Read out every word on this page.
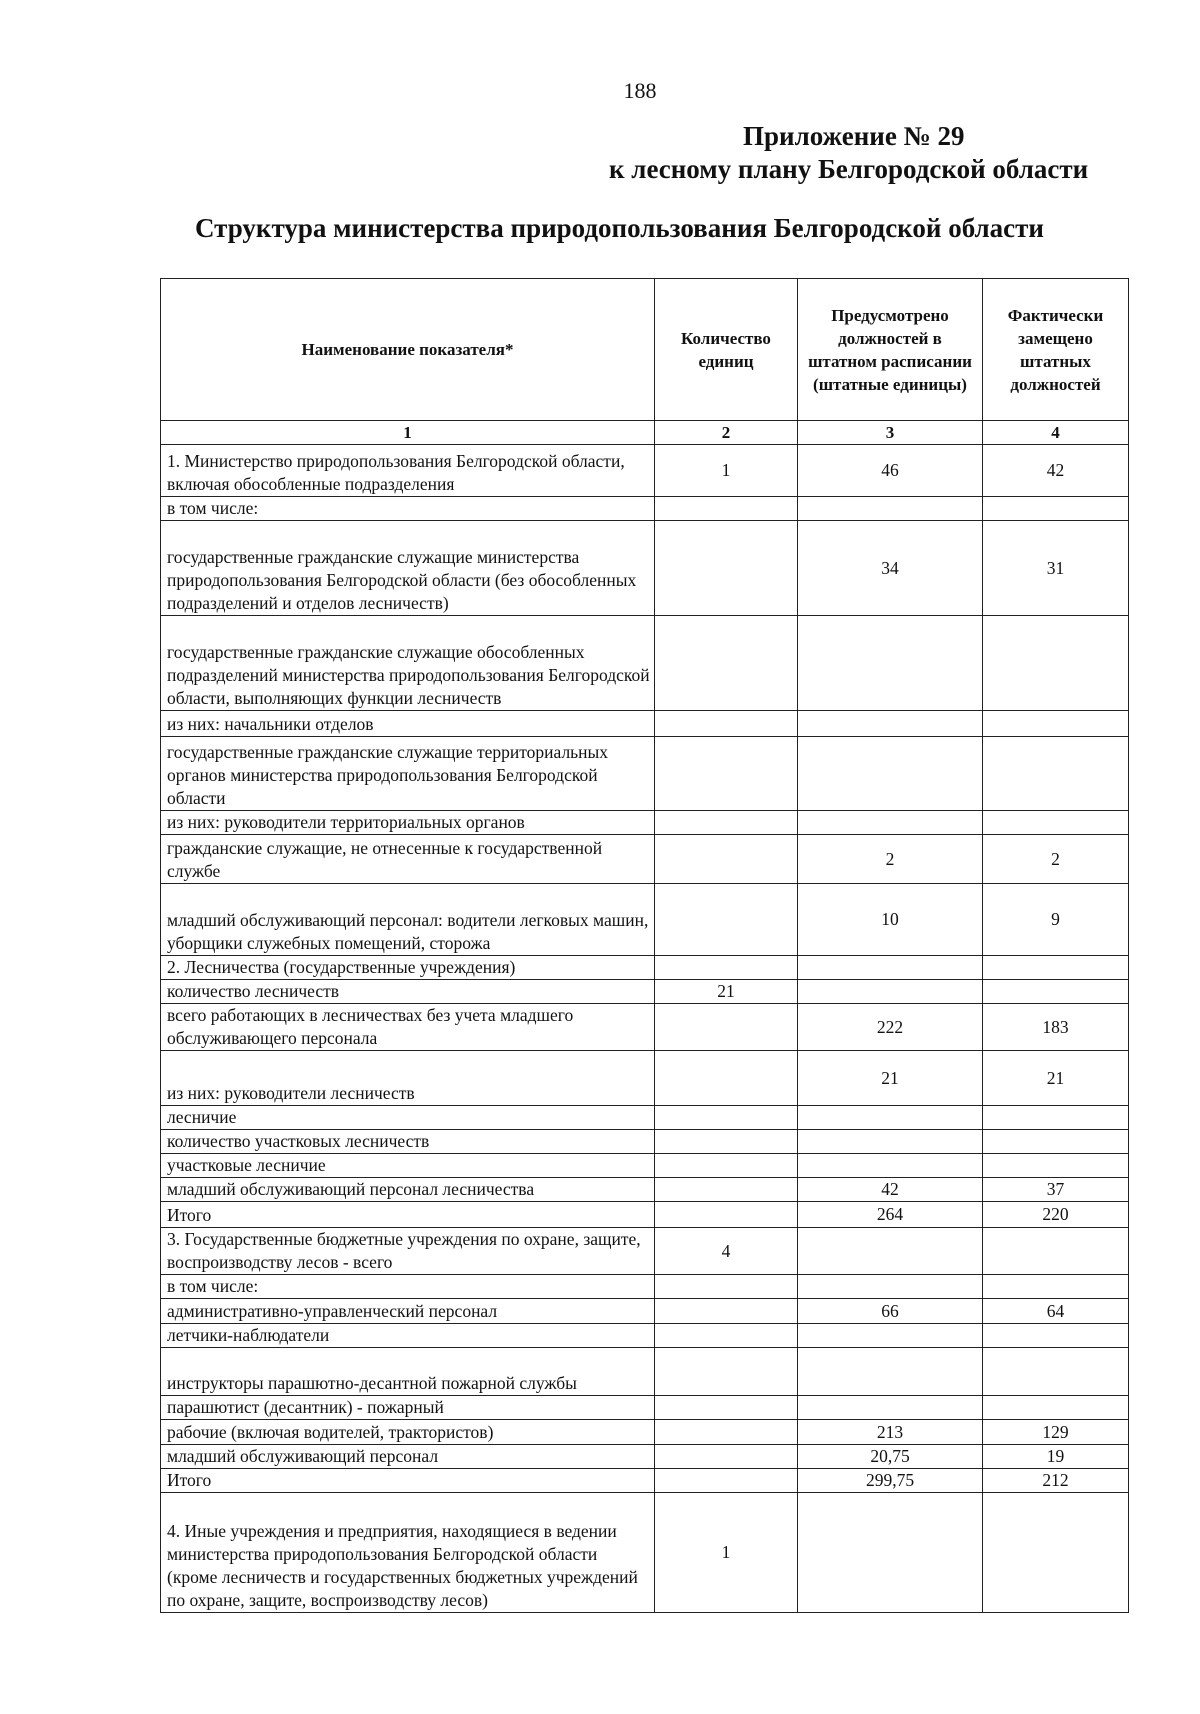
188
Приложение № 29
к лесному плану Белгородской области
Структура министерства природопользования Белгородской области
Наименование показателя*	Количество единиц	Предусмотрено должностей в штатном расписании (штатные единицы)	Фактически замещено штатных должностей
1	2	3	4
1. Министерство природопользования Белгородской области, включая обособленные подразделения	1	46	42
в том числе:			
государственные гражданские служащие министерства природопользования Белгородской области (без обособленных подразделений и отделов лесничеств)		34	31
государственные гражданские служащие обособленных подразделений министерства природопользования Белгородской области, выполняющих функции лесничеств			
из них: начальники отделов			
государственные гражданские служащие территориальных органов министерства природопользования Белгородской области			
из них: руководители территориальных органов			
гражданские служащие, не отнесенные к государственной службе		2	2
младший обслуживающий персонал: водители легковых машин, уборщики служебных помещений, сторожа		10	9
2. Лесничества (государственные учреждения)			
количество лесничеств	21		
всего работающих в лесничествах без учета младшего обслуживающего персонала		222	183
из них: руководители лесничеств		21	21
лесничие			
количество участковых лесничеств			
участковые лесничие			
младший обслуживающий персонал лесничества		42	37
Итого		264	220
3. Государственные бюджетные учреждения по охране, защите, воспроизводству лесов - всего	4		
в том числе:			
административно-управленческий персонал		66	64
летчики-наблюдатели			
инструкторы парашютно-десантной пожарной службы			
парашютист (десантник) - пожарный			
рабочие (включая водителей, трактористов)		213	129
младший обслуживающий персонал		20,75	19
Итого		299,75	212
4. Иные учреждения и предприятия, находящиеся в ведении министерства природопользования Белгородской области (кроме лесничеств и государственных бюджетных учреждений по охране, защите, воспроизводству лесов)	1		
